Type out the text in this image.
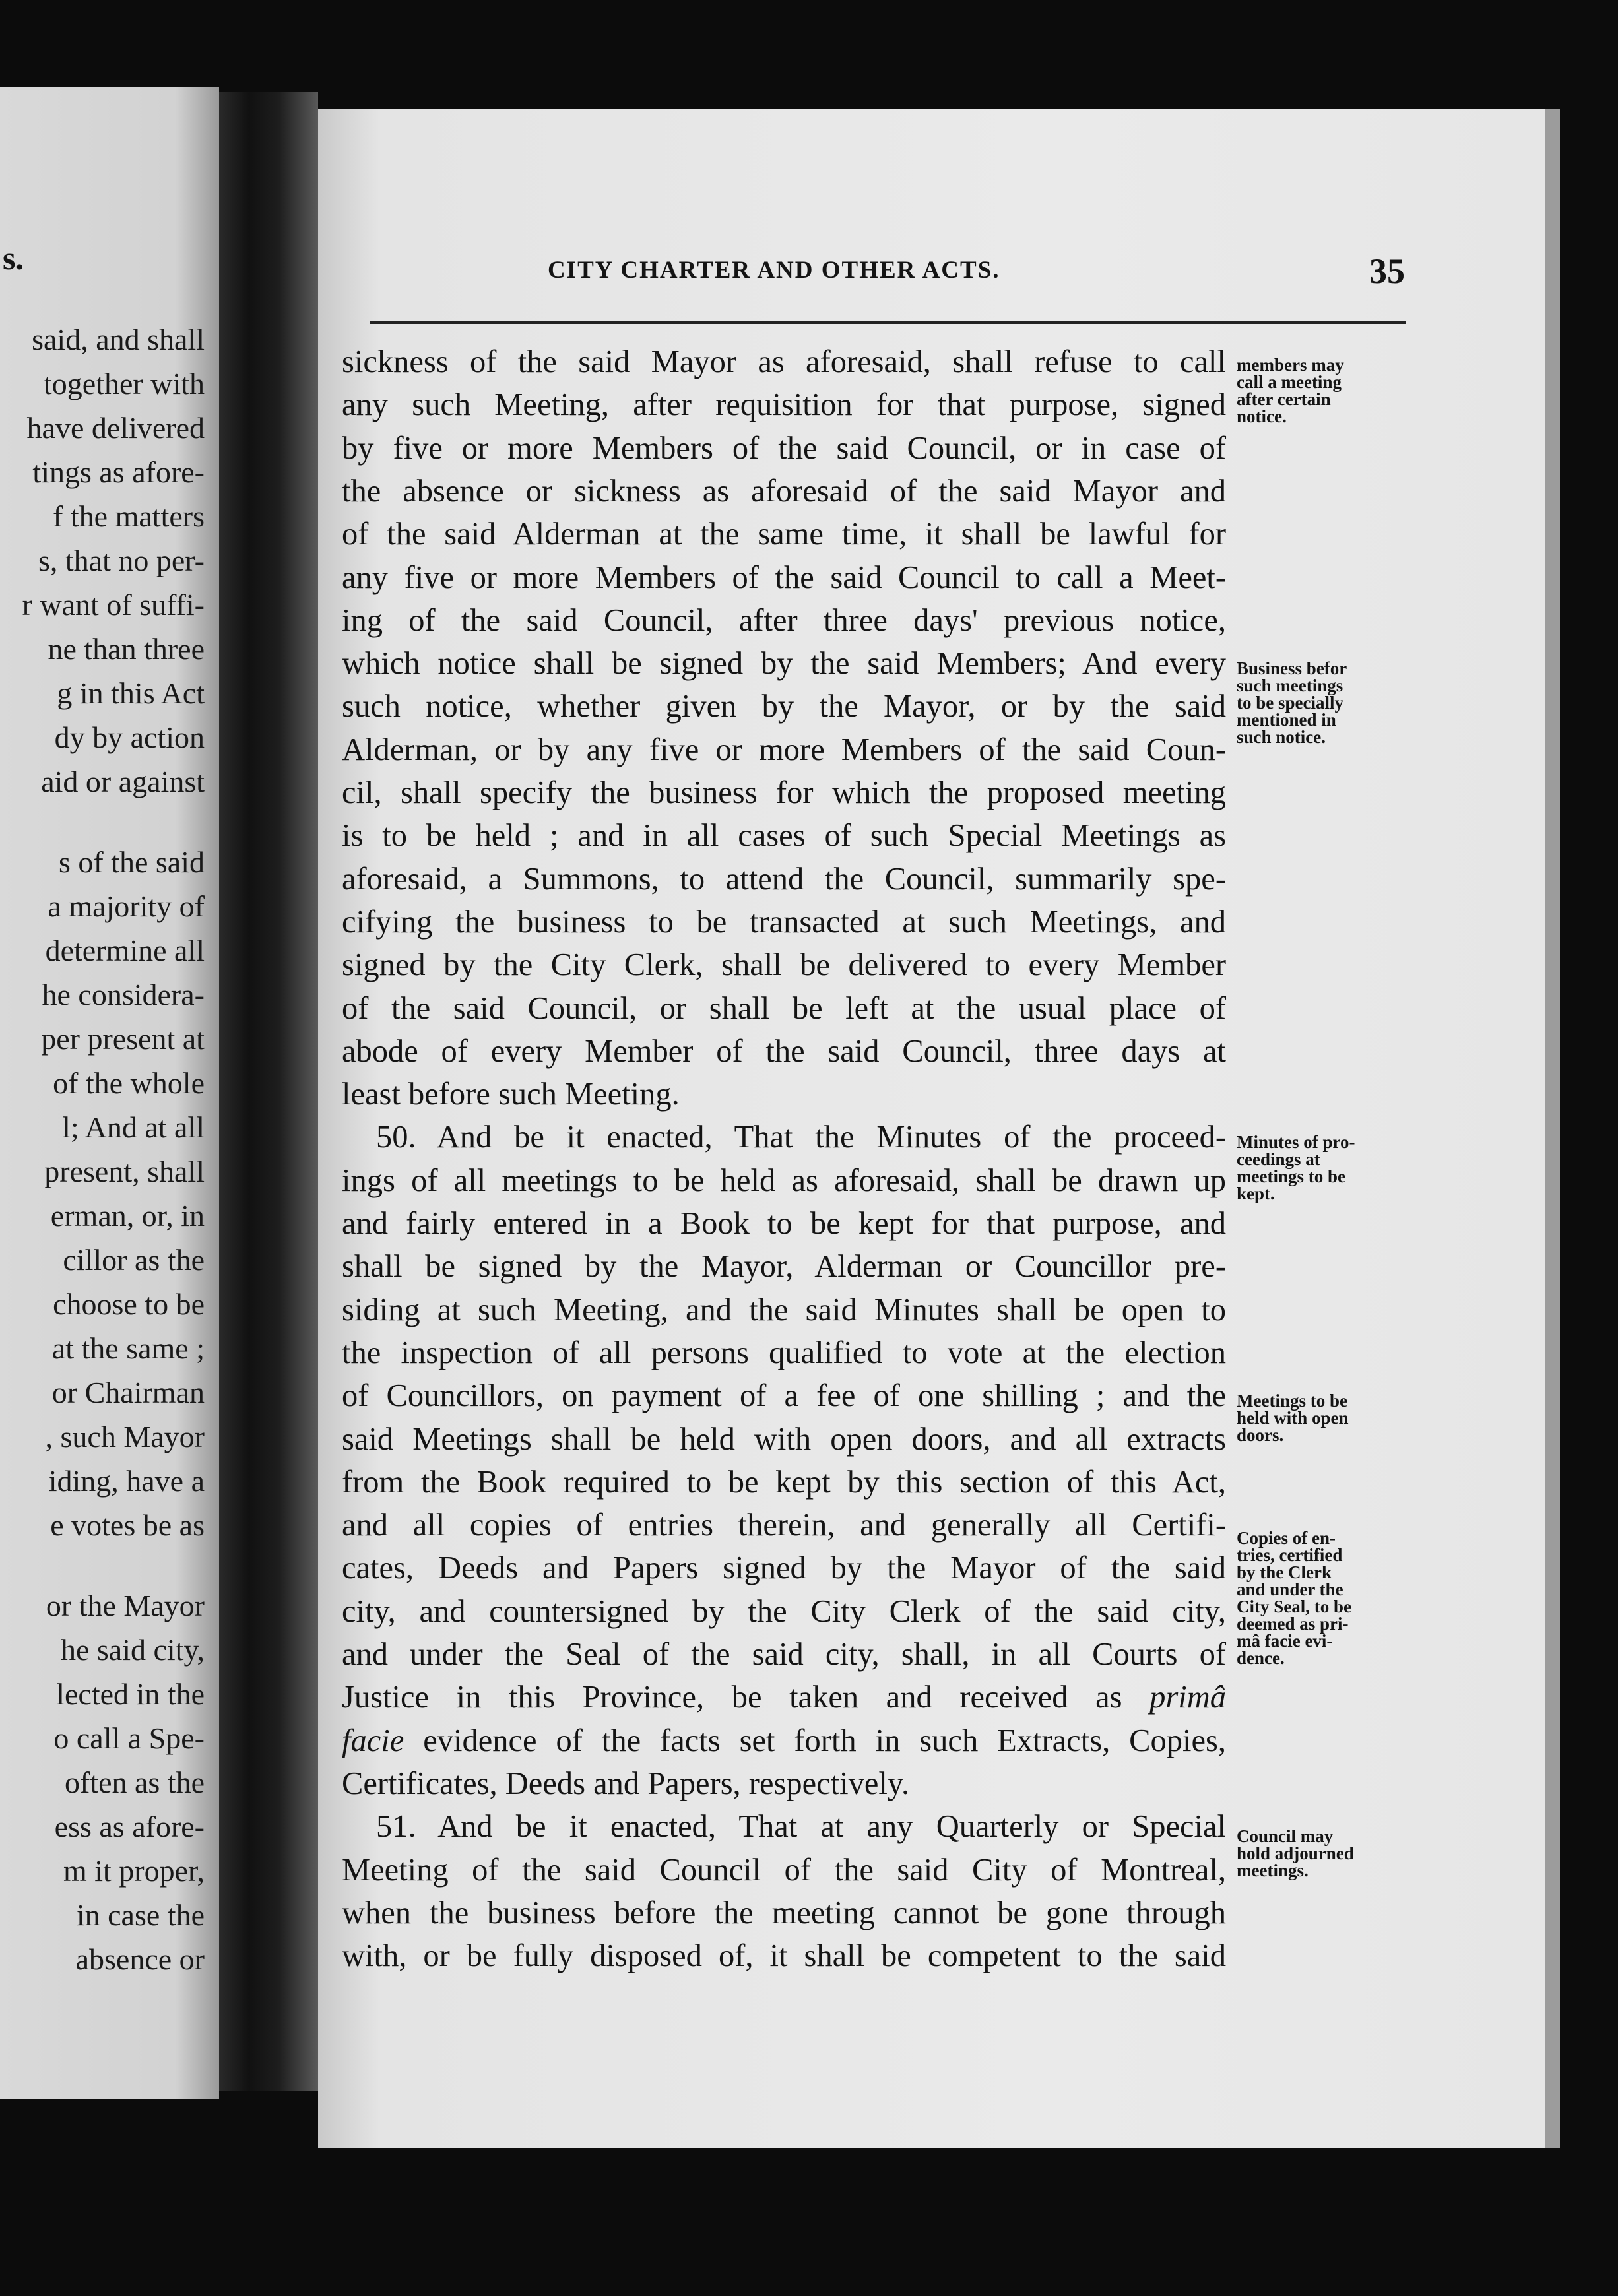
s.
said, and shall
together with
have delivered
tings as afore-
f the matters
s, that no per-
r want of suffi-
ne than three
g in this Act
dy by action
aid or against
s of the said
a majority of
determine all
he considera-
per present at
of the whole
l; And at all
present, shall
erman, or, in
cillor as the
choose to be
at the same ;
or Chairman
, such Mayor
iding, have a
e votes be as
or the Mayor
he said city,
lected in the
o call a Spe-
often as the
ess as afore-
m it proper,
in case the
absence or
CITY CHARTER AND OTHER ACTS.	35
sickness of the said Mayor as aforesaid, shall refuse to call
any such Meeting, after requisition for that purpose, signed
by five or more Members of the said Council, or in case of
the absence or sickness as aforesaid of the said Mayor and
of the said Alderman at the same time, it shall be lawful for
any five or more Members of the said Council to call a Meet-
ing of the said Council, after three days' previous notice,
which notice shall be signed by the said Members; And every
such notice, whether given by the Mayor, or by the said
Alderman, or by any five or more Members of the said Coun-
cil, shall specify the business for which the proposed meeting
is to be held ; and in all cases of such Special Meetings as
aforesaid, a Summons, to attend the Council, summarily spe-
cifying the business to be transacted at such Meetings, and
signed by the City Clerk, shall be delivered to every Member
of the said Council, or shall be left at the usual place of
abode of every Member of the said Council, three days at
least before such Meeting.
50. And be it enacted, That the Minutes of the proceed-
ings of all meetings to be held as aforesaid, shall be drawn up
and fairly entered in a Book to be kept for that purpose, and
shall be signed by the Mayor, Alderman or Councillor pre-
siding at such Meeting, and the said Minutes shall be open to
the inspection of all persons qualified to vote at the election
of Councillors, on payment of a fee of one shilling ; and the
said Meetings shall be held with open doors, and all extracts
from the Book required to be kept by this section of this Act,
and all copies of entries therein, and generally all Certifi-
cates, Deeds and Papers signed by the Mayor of the said
city, and countersigned by the City Clerk of the said city,
and under the Seal of the said city, shall, in all Courts of
Justice in this Province, be taken and received as primâ
facie evidence of the facts set forth in such Extracts, Copies,
Certificates, Deeds and Papers, respectively.
51. And be it enacted, That at any Quarterly or Special
Meeting of the said Council of the said City of Montreal,
when the business before the meeting cannot be gone through
with, or be fully disposed of, it shall be competent to the said
members may
call a meeting
after certain
notice.
Business befor
such meetings
to be specially
mentioned in
such notice.
Minutes of pro-
ceedings at
meetings to be
kept.
Meetings to be
held with open
doors.
Copies of en-
tries, certified
by the Clerk
and under the
City Seal, to be
deemed as pri-
mâ facie evi-
dence.
Council may
hold adjourned
meetings.
